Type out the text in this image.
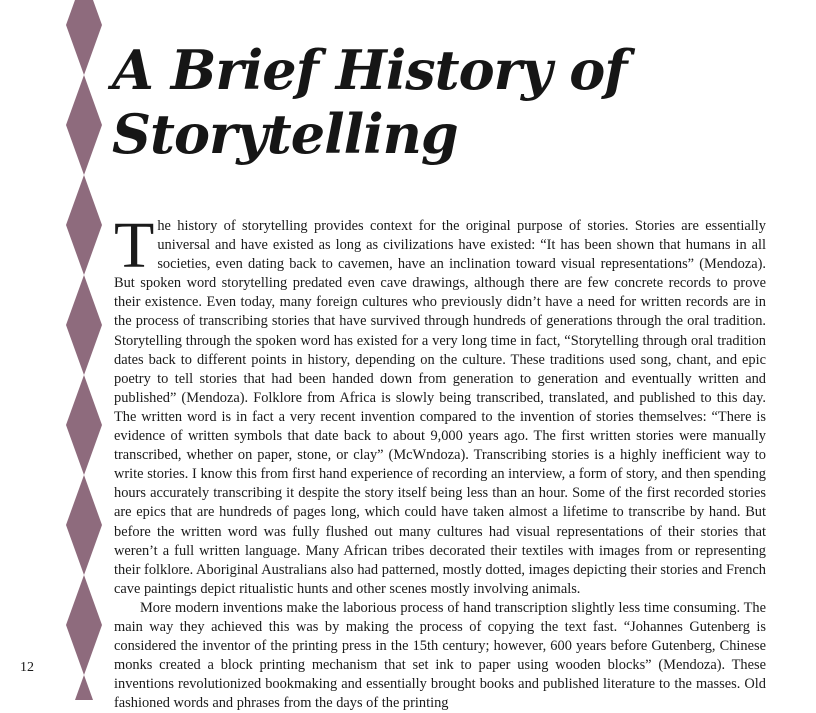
A Brief History of Storytelling

The history of storytelling provides context for the original purpose of stories. Stories are essentially universal and have existed as long as civilizations have existed: “It has been shown that humans in all societies, even dating back to cavemen, have an inclination toward visual representations” (Mendoza). But spoken word storytelling predated even cave drawings, although there are few concrete records to prove their existence. Even today, many foreign cultures who previously didn’t have a need for written records are in the process of transcribing stories that have survived through hundreds of generations through the oral tradition. Storytelling through the spoken word has existed for a very long time in fact, “Storytelling through oral tradition dates back to different points in history, depending on the culture. These traditions used song, chant, and epic poetry to tell stories that had been handed down from generation to generation and eventually written and published” (Mendoza). Folklore from Africa is slowly being transcribed, translated, and published to this day. The written word is in fact a very recent invention compared to the invention of stories themselves: “There is evidence of written symbols that date back to about 9,000 years ago. The first written stories were manually transcribed, whether on paper, stone, or clay” (McWndoza). Transcribing stories is a highly inefficient way to write stories. I know this from first hand experience of recording an interview, a form of story, and then spending hours accurately transcribing it despite the story itself being less than an hour. Some of the first recorded stories are epics that are hundreds of pages long, which could have taken almost a lifetime to transcribe by hand. But before the written word was fully flushed out many cultures had visual representations of their stories that weren’t a full written language. Many African tribes decorated their textiles with images from or representing their folklore. Aboriginal Australians also had patterned, mostly dotted, images depicting their stories and French cave paintings depict ritualistic hunts and other scenes mostly involving animals.

More modern inventions make the laborious process of hand transcription slightly less time consuming. The main way they achieved this was by making the process of copying the text fast. “Johannes Gutenberg is considered the inventor of the printing press in the 15th century; however, 600 years before Gutenberg, Chinese monks created a block printing mechanism that set ink to paper using wooden blocks” (Mendoza). These inventions revolutionized bookmaking and essentially brought books and published literature to the masses. Old fashioned words and phrases from the days of the printing

12
